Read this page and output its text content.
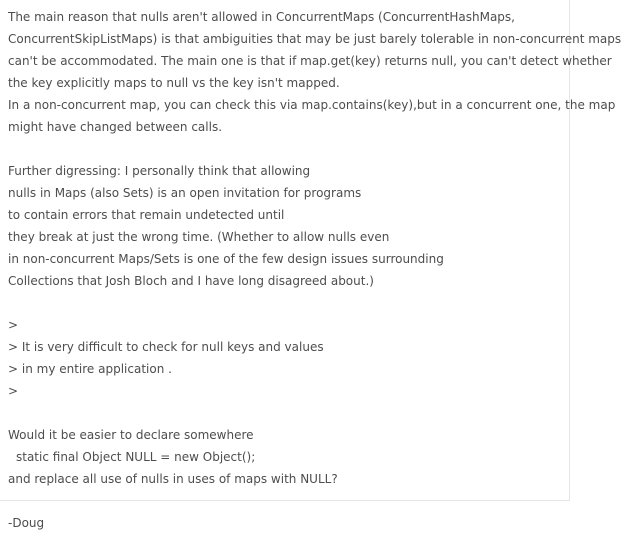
The main reason that nulls aren't allowed in ConcurrentMaps (ConcurrentHashMaps,
ConcurrentSkipListMaps) is that ambiguities that may be just barely tolerable in non-concurrent maps
can't be accommodated. The main one is that if map.get(key) returns null, you can't detect whether
the key explicitly maps to null vs the key isn't mapped.
In a non-concurrent map, you can check this via map.contains(key),but in a concurrent one, the map
might have changed between calls.
Further digressing: I personally think that allowing
nulls in Maps (also Sets) is an open invitation for programs
to contain errors that remain undetected until
they break at just the wrong time. (Whether to allow nulls even
in non-concurrent Maps/Sets is one of the few design issues surrounding
Collections that Josh Bloch and I have long disagreed about.)
>
> It is very difficult to check for null keys and values
> in my entire application .
>
Would it be easier to declare somewhere
static final Object NULL = new Object();
and replace all use of nulls in uses of maps with NULL?
-Doug
